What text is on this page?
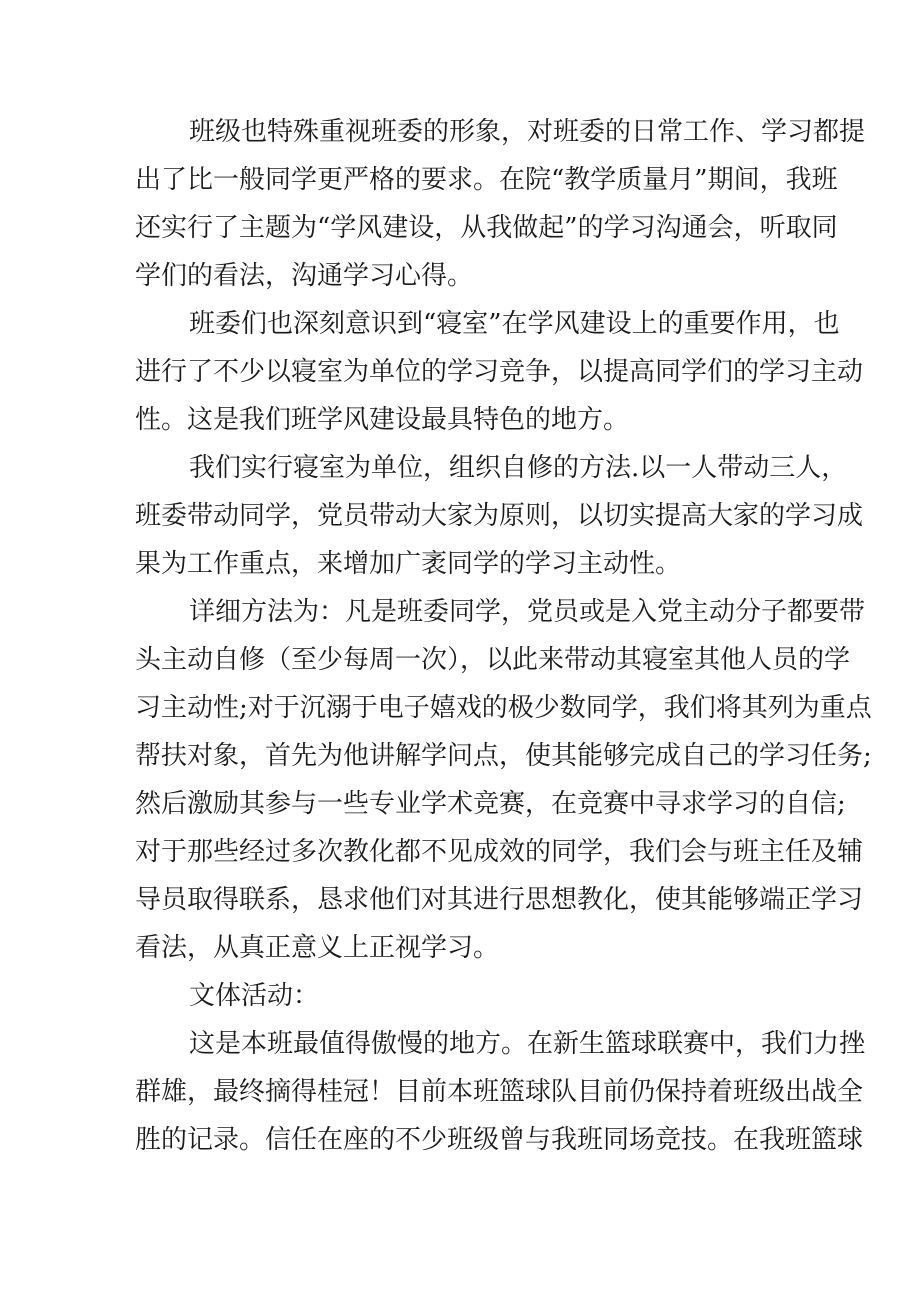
班级也特殊重视班委的形象，对班委的日常工作、学习都提
出了比一般同学更严格的要求。在院“教学质量月”期间，我班
还实行了主题为“学风建设，从我做起”的学习沟通会，听取同
学们的看法，沟通学习心得。
班委们也深刻意识到“寝室”在学风建设上的重要作用，也
进行了不少以寝室为单位的学习竞争，以提高同学们的学习主动
性。这是我们班学风建设最具特色的地方。
我们实行寝室为单位，组织自修的方法.以一人带动三人，
班委带动同学，党员带动大家为原则，以切实提高大家的学习成
果为工作重点，来增加广袤同学的学习主动性。
详细方法为：凡是班委同学，党员或是入党主动分子都要带
头主动自修（至少每周一次），以此来带动其寝室其他人员的学
习主动性;对于沉溺于电子嬉戏的极少数同学，我们将其列为重点
帮扶对象，首先为他讲解学问点，使其能够完成自己的学习任务;
然后激励其参与一些专业学术竞赛，在竞赛中寻求学习的自信;
对于那些经过多次教化都不见成效的同学，我们会与班主任及辅
导员取得联系，恳求他们对其进行思想教化，使其能够端正学习
看法，从真正意义上正视学习。
文体活动：
这是本班最值得傲慢的地方。在新生篮球联赛中，我们力挫
群雄，最终摘得桂冠！目前本班篮球队目前仍保持着班级出战全
胜的记录。信任在座的不少班级曾与我班同场竞技。在我班篮球
